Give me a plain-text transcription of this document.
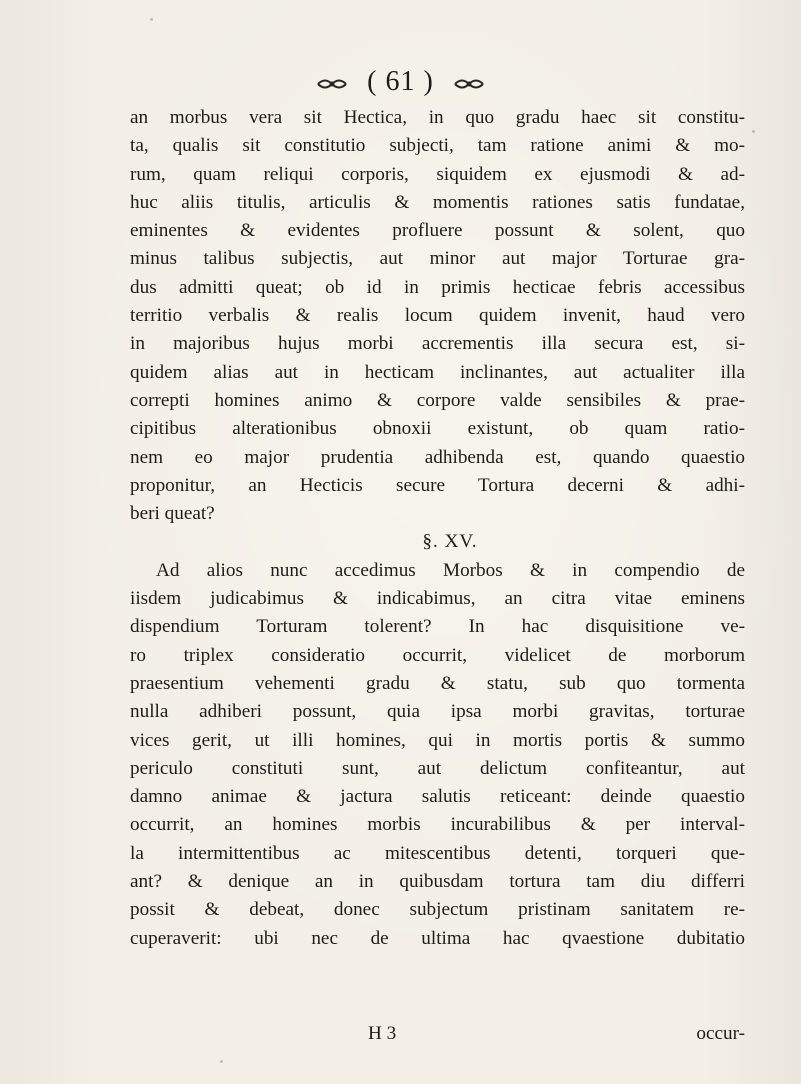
( 61 )
an morbus vera sit Hectica, in quo gradu haec sit constitu-
ta, qualis sit constitutio subjecti, tam ratione animi & mo-
rum, quam reliqui corporis, siquidem ex ejusmodi & ad-
huc aliis titulis, articulis & momentis rationes satis fundatae,
eminentes & evidentes profluere possunt & solent, quo
minus talibus subjectis, aut minor aut major Torturae gra-
dus admitti queat; ob id in primis hecticae febris accessibus
territio verbalis & realis locum quidem invenit, haud vero
in majoribus hujus morbi accrementis illa secura est, si-
quidem alias aut in hecticam inclinantes, aut actualiter illa
correpti homines animo & corpore valde sensibiles & prae-
cipitibus alterationibus obnoxii existunt, ob quam ratio-
nem eo major prudentia adhibenda est, quando quaestio
proponitur, an Hecticis secure Tortura decerni & adhi-
beri queat?
§. XV.
Ad alios nunc accedimus Morbos & in compendio de
iisdem judicabimus & indicabimus, an citra vitae eminens
dispendium Torturam tolerent? In hac disquisitione ve-
ro triplex consideratio occurrit, videlicet de morborum
praesentium vehementi gradu & statu, sub quo tormenta
nulla adhiberi possunt, quia ipsa morbi gravitas, torturae
vices gerit, ut illi homines, qui in mortis portis & summo
periculo constituti sunt, aut delictum confiteantur, aut
damno animae & jactura salutis reticeant: deinde quaestio
occurrit, an homines morbis incurabilibus & per interval-
la intermittentibus ac mitescentibus detenti, torqueri que-
ant? & denique an in quibusdam tortura tam diu differri
possit & debeat, donec subjectum pristinam sanitatem re-
cuperaverit: ubi nec de ultima hac qvaestione dubitatio
H 3	occur-
